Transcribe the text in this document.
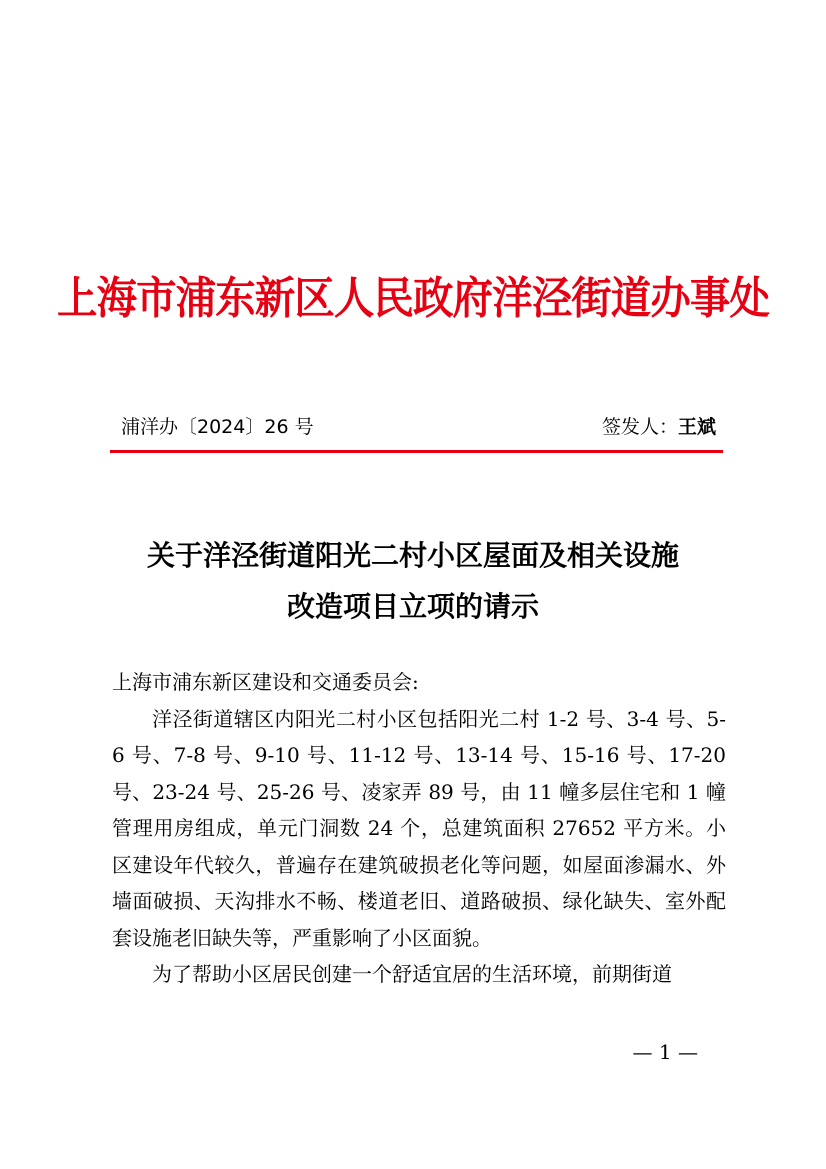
上海市浦东新区人民政府洋泾街道办事处
浦洋办〔2024〕26 号	签发人：王斌
关于洋泾街道阳光二村小区屋面及相关设施
改造项目立项的请示

上海市浦东新区建设和交通委员会:

洋泾街道辖区内阳光二村小区包括阳光二村 1-2 号、3-4 号、5-6 号、7-8 号、9-10 号、11-12 号、13-14 号、15-16 号、17-20 号、23-24 号、25-26 号、凌家弄 89 号，由 11 幢多层住宅和 1 幢管理用房组成，单元门洞数 24 个，总建筑面积 27652 平方米。小区建设年代较久，普遍存在建筑破损老化等问题，如屋面渗漏水、外墙面破损、天沟排水不畅、楼道老旧、道路破损、绿化缺失、室外配套设施老旧缺失等，严重影响了小区面貌。

为了帮助小区居民创建一个舒适宜居的生活环境，前期街道

— 1 —
